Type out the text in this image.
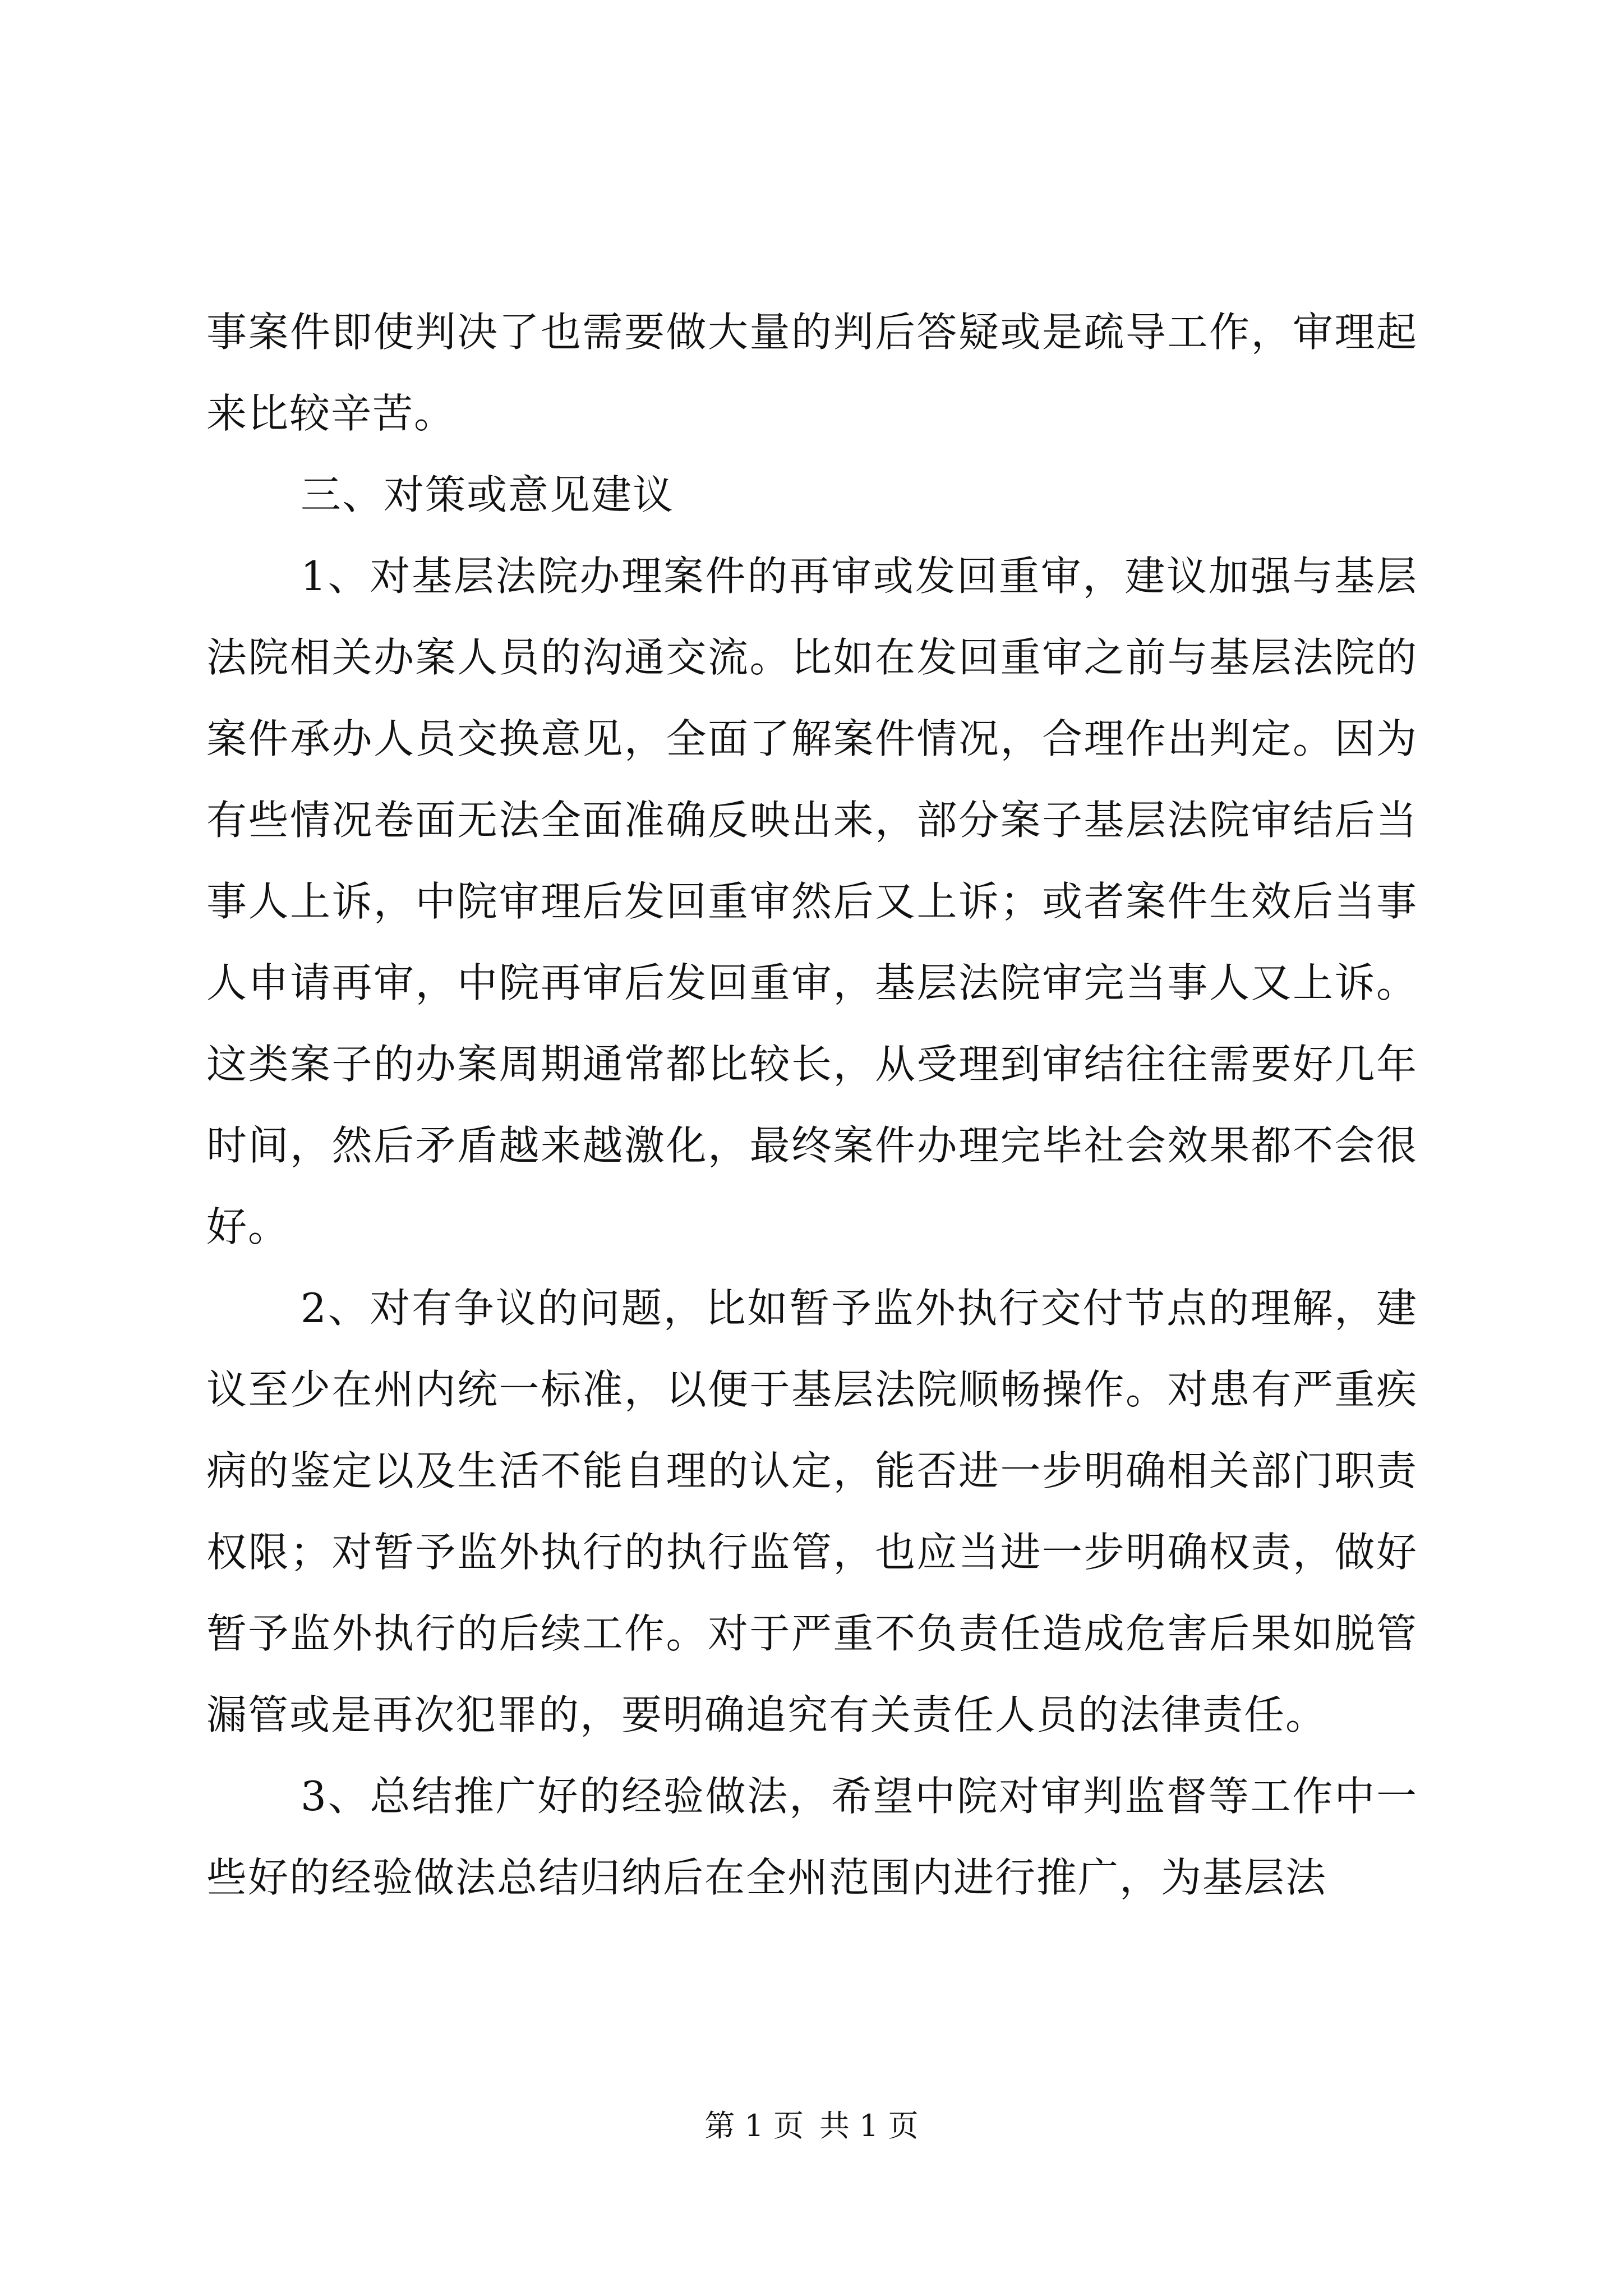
事案件即使判决了也需要做大量的判后答疑或是疏导工作，审理起来比较辛苦。

三、对策或意见建议

1、对基层法院办理案件的再审或发回重审，建议加强与基层法院相关办案人员的沟通交流。比如在发回重审之前与基层法院的案件承办人员交换意见，全面了解案件情况，合理作出判定。因为有些情况卷面无法全面准确反映出来，部分案子基层法院审结后当事人上诉，中院审理后发回重审然后又上诉；或者案件生效后当事人申请再审，中院再审后发回重审，基层法院审完当事人又上诉。这类案子的办案周期通常都比较长，从受理到审结往往需要好几年时间，然后矛盾越来越激化，最终案件办理完毕社会效果都不会很好。

2、对有争议的问题，比如暂予监外执行交付节点的理解，建议至少在州内统一标准，以便于基层法院顺畅操作。对患有严重疾病的鉴定以及生活不能自理的认定，能否进一步明确相关部门职责权限；对暂予监外执行的执行监管，也应当进一步明确权责，做好暂予监外执行的后续工作。对于严重不负责任造成危害后果如脱管漏管或是再次犯罪的，要明确追究有关责任人员的法律责任。

3、总结推广好的经验做法，希望中院对审判监督等工作中一些好的经验做法总结归纳后在全州范围内进行推广，为基层法

第 1 页 共 1 页
